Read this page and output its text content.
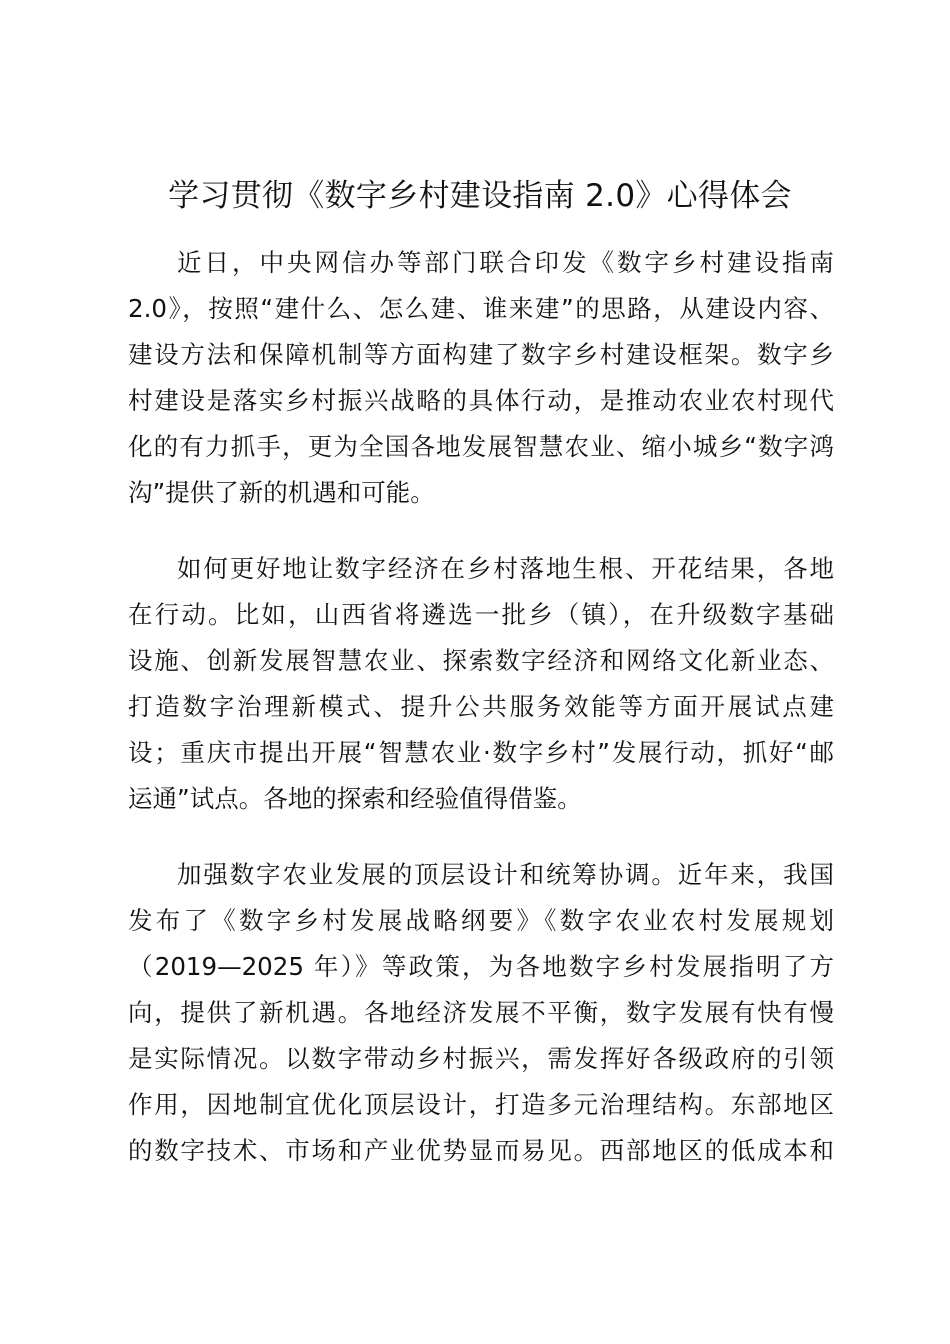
学习贯彻《数字乡村建设指南 2.0》心得体会

近日，中央网信办等部门联合印发《数字乡村建设指南
2.0》，按照“建什么、怎么建、谁来建”的思路，从建设内容、
建设方法和保障机制等方面构建了数字乡村建设框架。数字乡
村建设是落实乡村振兴战略的具体行动，是推动农业农村现代
化的有力抓手，更为全国各地发展智慧农业、缩小城乡“数字鸿
沟”提供了新的机遇和可能。

如何更好地让数字经济在乡村落地生根、开花结果，各地
在行动。比如，山西省将遴选一批乡（镇），在升级数字基础
设施、创新发展智慧农业、探索数字经济和网络文化新业态、
打造数字治理新模式、提升公共服务效能等方面开展试点建
设；重庆市提出开展“智慧农业·数字乡村”发展行动，抓好“邮
运通”试点。各地的探索和经验值得借鉴。

加强数字农业发展的顶层设计和统筹协调。近年来，我国
发布了《数字乡村发展战略纲要》《数字农业农村发展规划
（2019—2025 年）》等政策，为各地数字乡村发展指明了方
向，提供了新机遇。各地经济发展不平衡，数字发展有快有慢
是实际情况。以数字带动乡村振兴，需发挥好各级政府的引领
作用，因地制宜优化顶层设计，打造多元治理结构。东部地区
的数字技术、市场和产业优势显而易见。西部地区的低成本和
